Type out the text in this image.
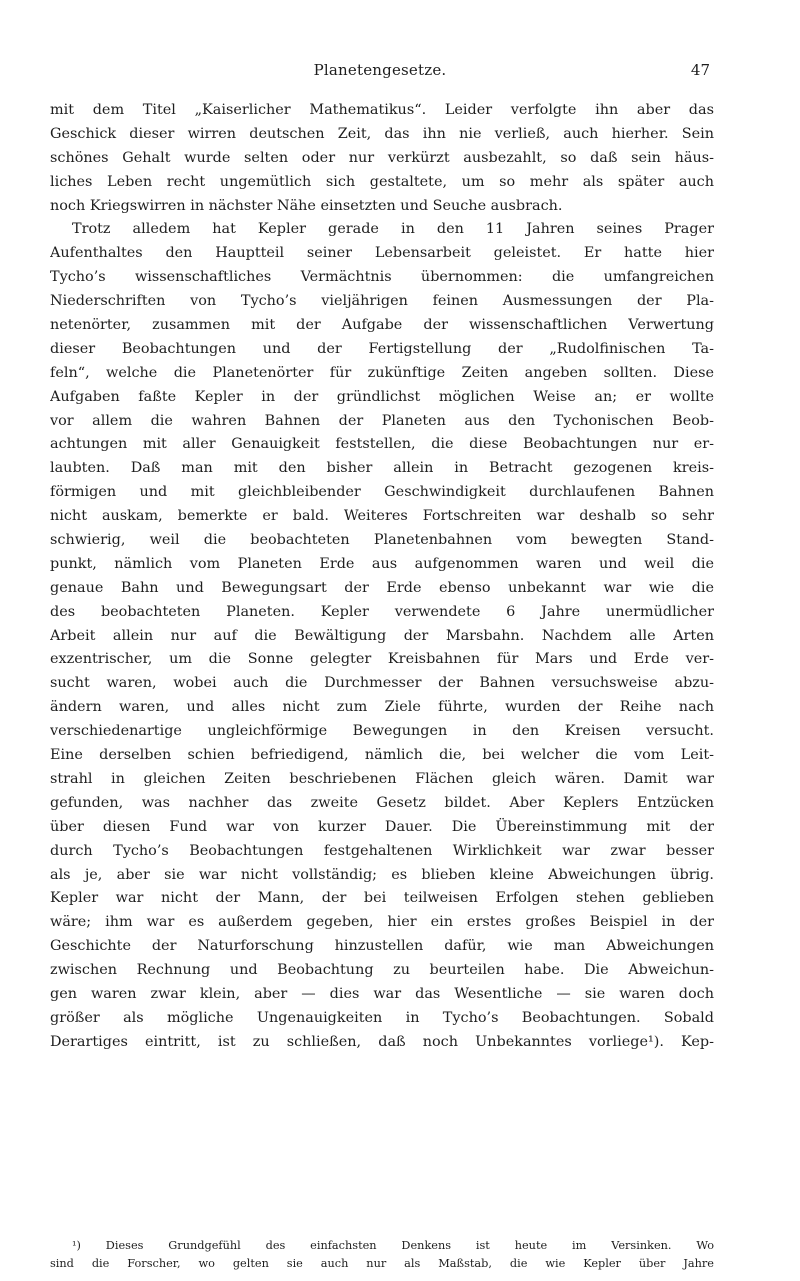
Planetengesetze.	47
mit dem Titel „Kaiserlicher Mathematikus“. Leider verfolgte ihn aber das
Geschick dieser wirren deutschen Zeit, das ihn nie verließ, auch hierher. Sein
schönes Gehalt wurde selten oder nur verkürzt ausbezahlt, so daß sein häus-
liches Leben recht ungemütlich sich gestaltete, um so mehr als später auch
noch Kriegswirren in nächster Nähe einsetzten und Seuche ausbrach.
Trotz alledem hat Kepler gerade in den 11 Jahren seines Prager
Aufenthaltes den Hauptteil seiner Lebensarbeit geleistet. Er hatte hier
Tycho’s wissenschaftliches Vermächtnis übernommen: die umfangreichen
Niederschriften von Tycho’s vieljährigen feinen Ausmessungen der Pla-
netenörter, zusammen mit der Aufgabe der wissenschaftlichen Verwertung
dieser Beobachtungen und der Fertigstellung der „Rudolfinischen Ta-
feln“, welche die Planetenörter für zukünftige Zeiten angeben sollten. Diese
Aufgaben faßte Kepler in der gründlichst möglichen Weise an; er wollte
vor allem die wahren Bahnen der Planeten aus den Tychonischen Beob-
achtungen mit aller Genauigkeit feststellen, die diese Beobachtungen nur er-
laubten. Daß man mit den bisher allein in Betracht gezogenen kreis-
förmigen und mit gleichbleibender Geschwindigkeit durchlaufenen Bahnen
nicht auskam, bemerkte er bald. Weiteres Fortschreiten war deshalb so sehr
schwierig, weil die beobachteten Planetenbahnen vom bewegten Stand-
punkt, nämlich vom Planeten Erde aus aufgenommen waren und weil die
genaue Bahn und Bewegungsart der Erde ebenso unbekannt war wie die
des beobachteten Planeten. Kepler verwendete 6 Jahre unermüdlicher
Arbeit allein nur auf die Bewältigung der Marsbahn. Nachdem alle Arten
exzentrischer, um die Sonne gelegter Kreisbahnen für Mars und Erde ver-
sucht waren, wobei auch die Durchmesser der Bahnen versuchsweise abzu-
ändern waren, und alles nicht zum Ziele führte, wurden der Reihe nach
verschiedenartige ungleichförmige Bewegungen in den Kreisen versucht.
Eine derselben schien befriedigend, nämlich die, bei welcher die vom Leit-
strahl in gleichen Zeiten beschriebenen Flächen gleich wären. Damit war
gefunden, was nachher das zweite Gesetz bildet. Aber Keplers Entzücken
über diesen Fund war von kurzer Dauer. Die Übereinstimmung mit der
durch Tycho’s Beobachtungen festgehaltenen Wirklichkeit war zwar besser
als je, aber sie war nicht vollständig; es blieben kleine Abweichungen übrig.
Kepler war nicht der Mann, der bei teilweisen Erfolgen stehen geblieben
wäre; ihm war es außerdem gegeben, hier ein erstes großes Beispiel in der
Geschichte der Naturforschung hinzustellen dafür, wie man Abweichungen
zwischen Rechnung und Beobachtung zu beurteilen habe. Die Abweichun-
gen waren zwar klein, aber — dies war das Wesentliche — sie waren doch
größer als mögliche Ungenauigkeiten in Tycho’s Beobachtungen. Sobald
Derartiges eintritt, ist zu schließen, daß noch Unbekanntes vorliege¹). Kep-
¹) Dieses Grundgefühl des einfachsten Denkens ist heute im Versinken. Wo
sind die Forscher, wo gelten sie auch nur als Maßstab, die wie Kepler über Jahre
